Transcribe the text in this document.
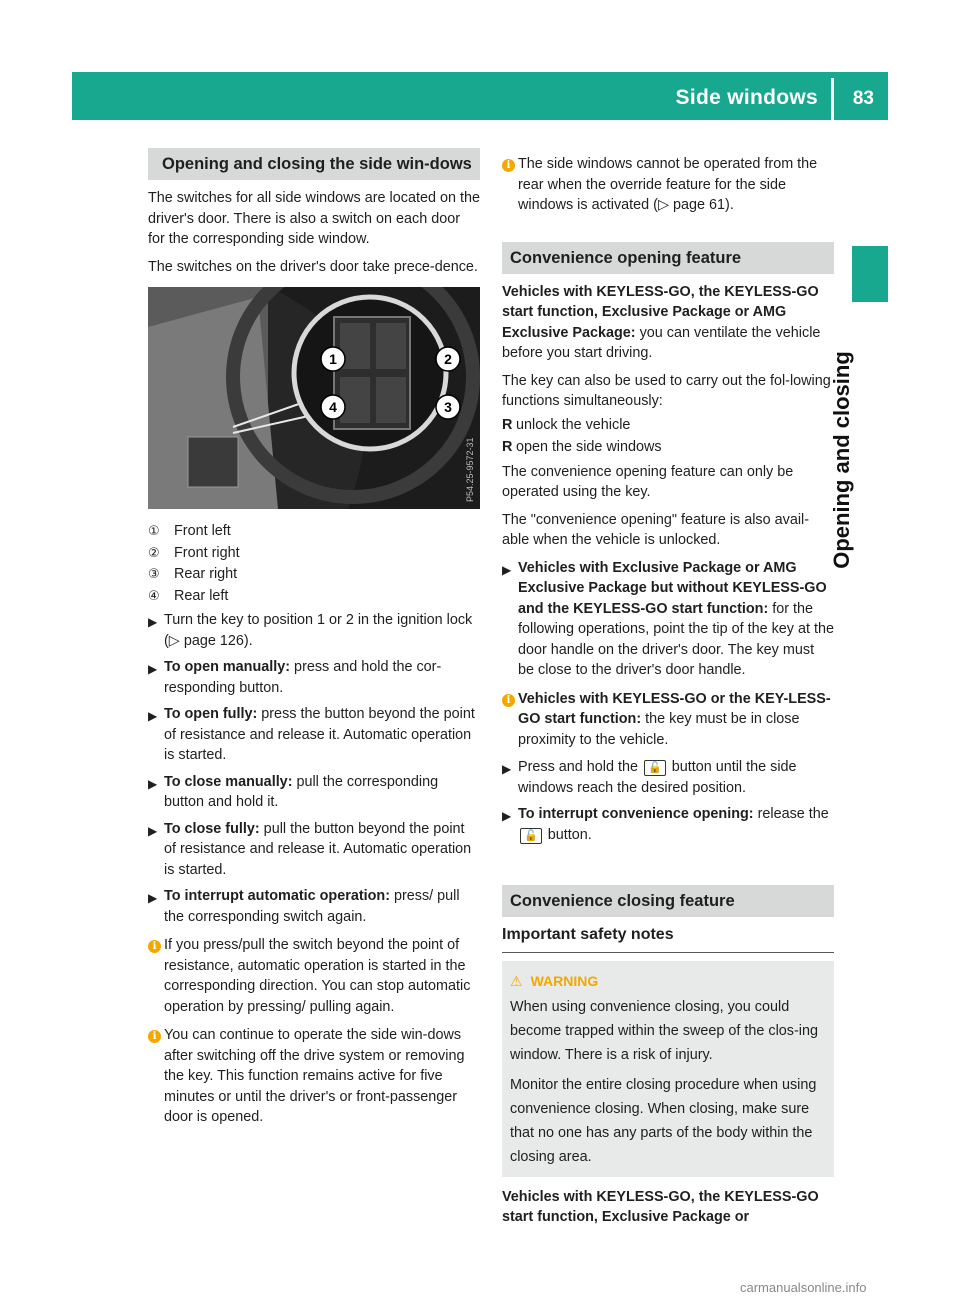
Side windows 83
Opening and closing
Opening and closing the side win-dows

The switches for all side windows are located on the driver's door. There is also a switch on each door for the corresponding side window.

The switches on the driver's door take prece-dence.

1	2
3
4
P54.25-9572-31
① Front left
② Front right
③ Rear right
④ Rear left
▶ Turn the key to position 1 or 2 in the ignition lock (▷ page 126).
▶ To open manually: press and hold the cor-responding button.
▶ To open fully: press the button beyond the point of resistance and release it. Automatic operation is started.
▶ To close manually: pull the corresponding button and hold it.
▶ To close fully: pull the button beyond the point of resistance and release it. Automatic operation is started.
▶ To interrupt automatic operation: press/ pull the corresponding switch again.
i If you press/pull the switch beyond the point of resistance, automatic operation is started in the corresponding direction. You can stop automatic operation by pressing/ pulling again.
i You can continue to operate the side win-dows after switching off the drive system or removing the key. This function remains active for five minutes or until the driver's or front-passenger door is opened.
i The side windows cannot be operated from the rear when the override feature for the side windows is activated (▷ page 61).
Convenience opening feature

Vehicles with KEYLESS-GO, the KEYLESS-GO start function, Exclusive Package or AMG Exclusive Package: you can ventilate the vehicle before you start driving.

The key can also be used to carry out the fol-lowing functions simultaneously:

R unlock the vehicle
R open the side windows

The convenience opening feature can only be operated using the key.

The "convenience opening" feature is also avail-able when the vehicle is unlocked.

▶ Vehicles with Exclusive Package or AMG Exclusive Package but without KEYLESS-GO and the KEYLESS-GO start function: for the following operations, point the tip of the key at the door handle on the driver's door. The key must be close to the driver's door handle.
i Vehicles with KEYLESS-GO or the KEY-LESS-GO start function: the key must be in close proximity to the vehicle.
▶ Press and hold the 🔓 button until the side windows reach the desired position.
▶ To interrupt convenience opening: release the 🔓 button.
Convenience closing feature
Important safety notes
⚠ WARNING

When using convenience closing, you could become trapped within the sweep of the clos-ing window. There is a risk of injury.

Monitor the entire closing procedure when using convenience closing. When closing, make sure that no one has any parts of the body within the closing area.

Vehicles with KEYLESS-GO, the KEYLESS-GO start function, Exclusive Package or

carmanualsonline.info
